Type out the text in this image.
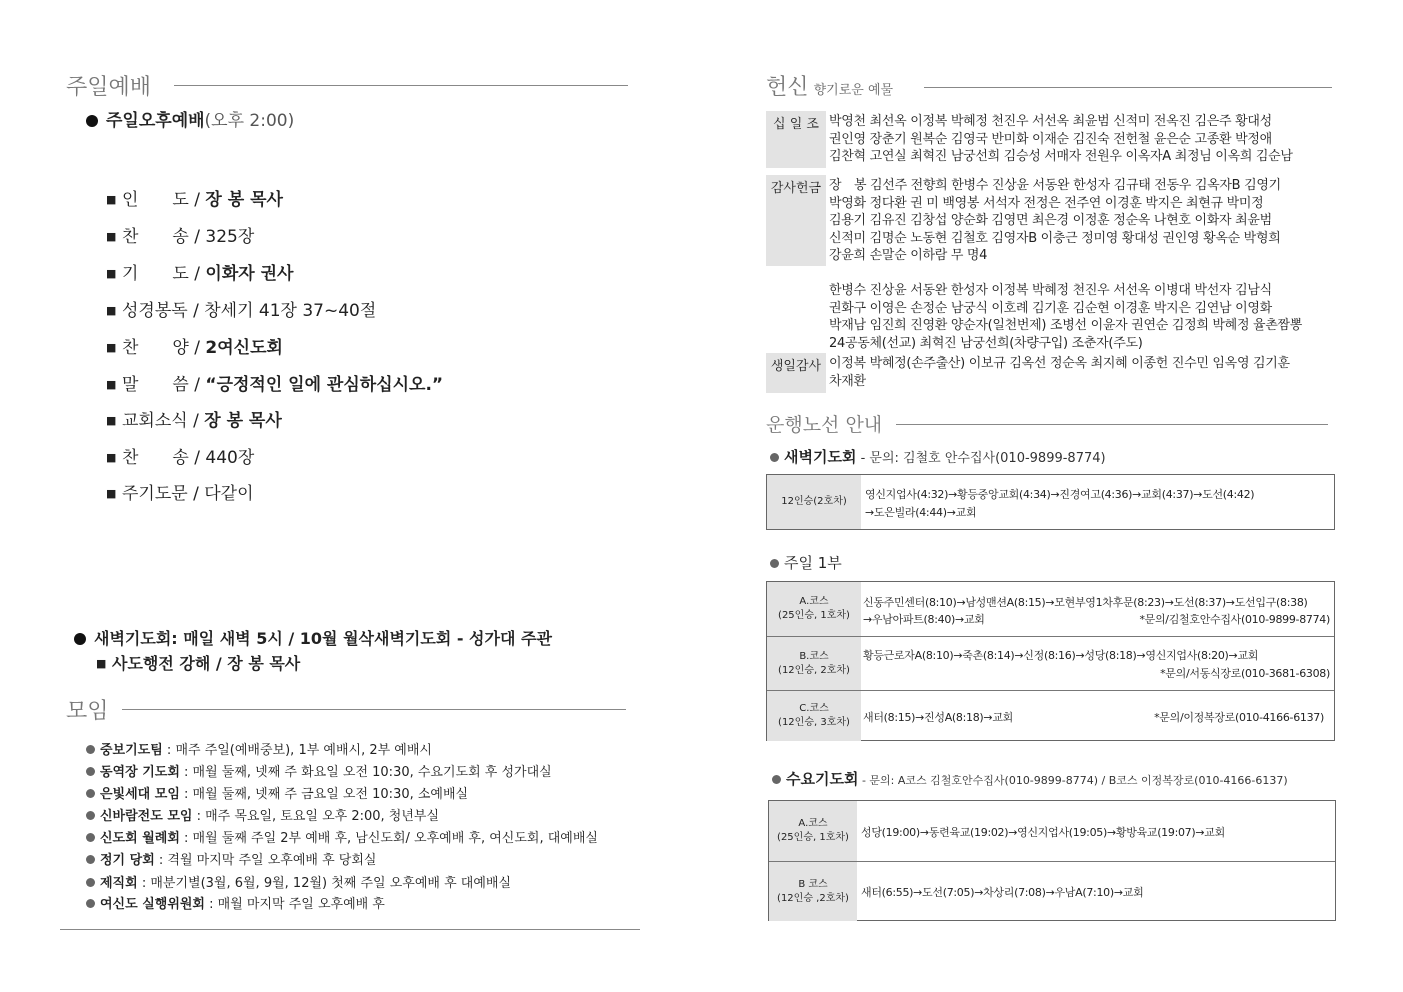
주일예배
주일오후예배(오후 2:00)
■ 인　　도 / 장 봉 목사
■ 찬　　송 / 325장
■ 기　　도 / 이화자 권사
■ 성경봉독 / 창세기 41장 37~40절
■ 찬　　양 / 2여신도회
■ 말　　씀 / “긍정적인 일에 관심하십시오.”
■ 교회소식 / 장 봉 목사
■ 찬　　송 / 440장
■ 주기도문 / 다같이
새벽기도회: 매일 새벽 5시 / 10월 월삭새벽기도회 - 성가대 주관
■ 사도행전 강해 / 장 봉 목사
모임
중보기도팀 : 매주 주일(예배중보), 1부 예배시, 2부 예배시
동역장 기도회 : 매월 둘째, 넷째 주 화요일 오전 10:30, 수요기도회 후 성가대실
은빛세대 모임 : 매월 둘째, 넷째 주 금요일 오전 10:30, 소예배실
신바람전도 모임 : 매주 목요일, 토요일 오후 2:00, 청년부실
신도회 월례회 : 매월 둘째 주일 2부 예배 후, 남신도회/ 오후예배 후, 여신도회, 대예배실
정기 당회 : 격월 마지막 주일 오후예배 후 당회실
제직회 : 매분기별(3월, 6월, 9월, 12월) 첫째 주일 오후예배 후 대예배실
여신도 실행위원회 : 매월 마지막 주일 오후예배 후
헌신 향기로운 예물
십 일 조 박영천 최선옥 이정복 박혜정 천진우 서선옥 최윤범 신적미 전옥진 김은주 황대성
권인영 장춘기 원복순 김영국 반미화 이재순 김진숙 전헌철 윤은순 고종환 박정애
김찬혁 고연실 최혁진 남궁선희 김승성 서매자 전원우 이옥자A 최정님 이옥희 김순남
감사헌금 장　봉 김선주 전향희 한병수 진상윤 서동완 한성자 김규태 전동우 김옥자B 김영기
박영화 정다환 권 미 백영봉 서석자 전정은 전주연 이경훈 박지은 최현규 박미정
김용기 김유진 김창섭 양순화 김영면 최은경 이정훈 정순옥 나현호 이화자 최윤범
신적미 김명순 노동현 김철호 김영자B 이충근 정미영 황대성 권인영 황옥순 박형희
강윤희 손말순 이하람 무 명4
한병수 진상윤 서동완 한성자 이정복 박혜정 천진우 서선옥 이병대 박선자 김남식
권화구 이영은 손정순 남궁식 이호례 김기훈 김순현 이경훈 박지은 김연남 이영화
박재남 임진희 진영환 양순자(일천번제) 조병선 이윤자 권연순 김정희 박혜정 율촌짬뽕
24공동체(선교) 최혁진 남궁선희(차량구입) 조춘자(주도)
생일감사 이정복 박혜정(손주출산) 이보규 김옥선 정순옥 최지혜 이종헌 진수민 임옥영 김기훈
차재환
운행노선 안내
새벽기도회 - 문의: 김철호 안수집사(010-9899-8774)
12인승(2호차)
영신지업사(4:32)→황등중앙교회(4:34)→진경여고(4:36)→교회(4:37)→도선(4:42)
→도은빌라(4:44)→교회
주일 1부
A.코스
(25인승, 1호차)
신동주민센터(8:10)→남성맨션A(8:15)→모현부영1차후문(8:23)→도선(8:37)→도선입구(8:38)
→우남아파트(8:40)→교회	*문의/김철호안수집사(010-9899-8774)
B.코스
(12인승, 2호차)
황등근로자A(8:10)→죽촌(8:14)→신정(8:16)→성당(8:18)→영신지업사(8:20)→교회
*문의/서동식장로(010-3681-6308)
C.코스
(12인승, 3호차) 새터(8:15)→진성A(8:18)→교회	*문의/이정복장로(010-4166-6137)
수요기도회 - 문의: A코스 김철호안수집사(010-9899-8774) / B코스 이정복장로(010-4166-6137)
A.코스
(25인승, 1호차) 성당(19:00)→동련육교(19:02)→영신지업사(19:05)→황방육교(19:07)→교회
B 코스
(12인승 ,2호차) 새터(6:55)→도선(7:05)→차상리(7:08)→우남A(7:10)→교회
